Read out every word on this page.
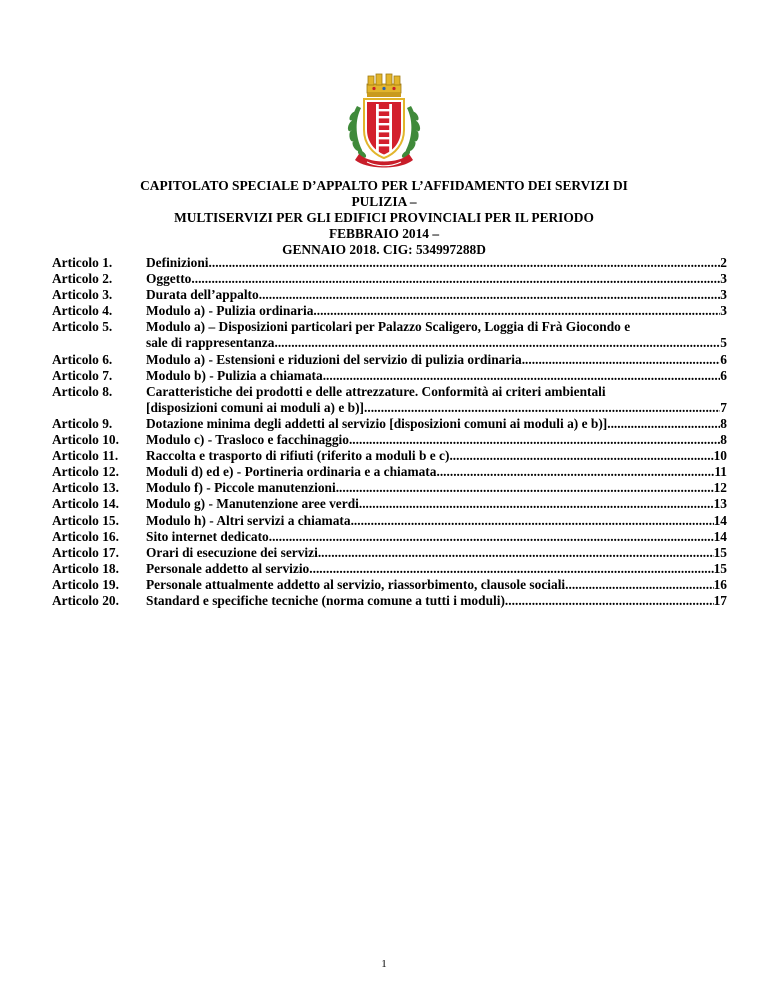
CAPITOLATO SPECIALE D’APPALTO PER L’AFFIDAMENTO DEI SERVIZI DI PULIZIA –
MULTISERVIZI PER GLI EDIFICI PROVINCIALI PER IL PERIODO FEBBRAIO 2014 –
GENNAIO 2018. CIG: 534997288D
Articolo 1.	Definizioni .....	2
Articolo 2.	Oggetto .....	3
Articolo 3.	Durata dell’appalto .....	3
Articolo 4.	Modulo a) - Pulizia ordinaria .....	3
Articolo 5.	Modulo a) – Disposizioni particolari per Palazzo Scaligero, Loggia di Frà Giocondo e
sale di rappresentanza .....	5
Articolo 6.	Modulo a) - Estensioni e riduzioni del servizio di pulizia ordinaria .....	6
Articolo 7.	Modulo b) - Pulizia a chiamata .....	6
Articolo 8.	Caratteristiche dei prodotti e delle attrezzature. Conformità ai criteri ambientali
[disposizioni comuni ai moduli a) e b)] .....	7
Articolo 9.	Dotazione minima degli addetti al servizio [disposizioni comuni ai moduli a) e b)] .....	8
Articolo 10.	Modulo c) - Trasloco e facchinaggio .....	8
Articolo 11.	Raccolta e trasporto di rifiuti (riferito a moduli b e c) .....	10
Articolo 12.	Moduli d) ed e) - Portineria ordinaria e a chiamata .....	11
Articolo 13.	Modulo f) - Piccole manutenzioni .....	12
Articolo 14.	Modulo g) - Manutenzione aree verdi .....	13
Articolo 15.	Modulo h) - Altri servizi a chiamata .....	14
Articolo 16.	Sito internet dedicato .....	14
Articolo 17.	Orari di esecuzione dei servizi .....	15
Articolo 18.	Personale addetto al servizio .....	15
Articolo 19.	Personale attualmente addetto al servizio, riassorbimento, clausole sociali .....	16
Articolo 20.	Standard e specifiche tecniche (norma comune a tutti i moduli) .....	17
1
